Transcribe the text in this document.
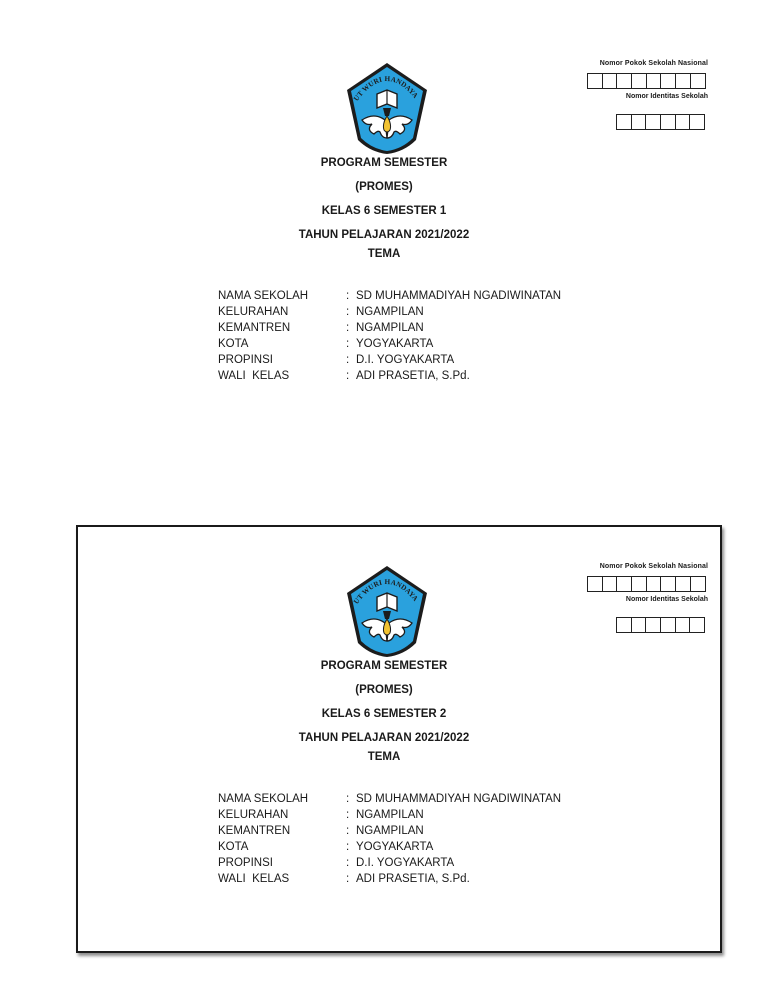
Nomor Pokok Sekolah Nasional
Nomor Identitas Sekolah
PROGRAM SEMESTER
(PROMES)
KELAS 6 SEMESTER 1
TAHUN PELAJARAN 2021/2022
TEMA
NAMA SEKOLAH	: SD MUHAMMADIYAH NGADIWINATAN
KELURAHAN	: NGAMPILAN
KEMANTREN	: NGAMPILAN
KOTA	: YOGYAKARTA
PROPINSI	: D.I. YOGYAKARTA
WALI  KELAS	: ADI PRASETIA, S.Pd.
Nomor Pokok Sekolah Nasional
Nomor Identitas Sekolah
PROGRAM SEMESTER
(PROMES)
KELAS 6 SEMESTER 2
TAHUN PELAJARAN 2021/2022
TEMA
NAMA SEKOLAH	: SD MUHAMMADIYAH NGADIWINATAN
KELURAHAN	: NGAMPILAN
KEMANTREN	: NGAMPILAN
KOTA	: YOGYAKARTA
PROPINSI	: D.I. YOGYAKARTA
WALI  KELAS	: ADI PRASETIA, S.Pd.
